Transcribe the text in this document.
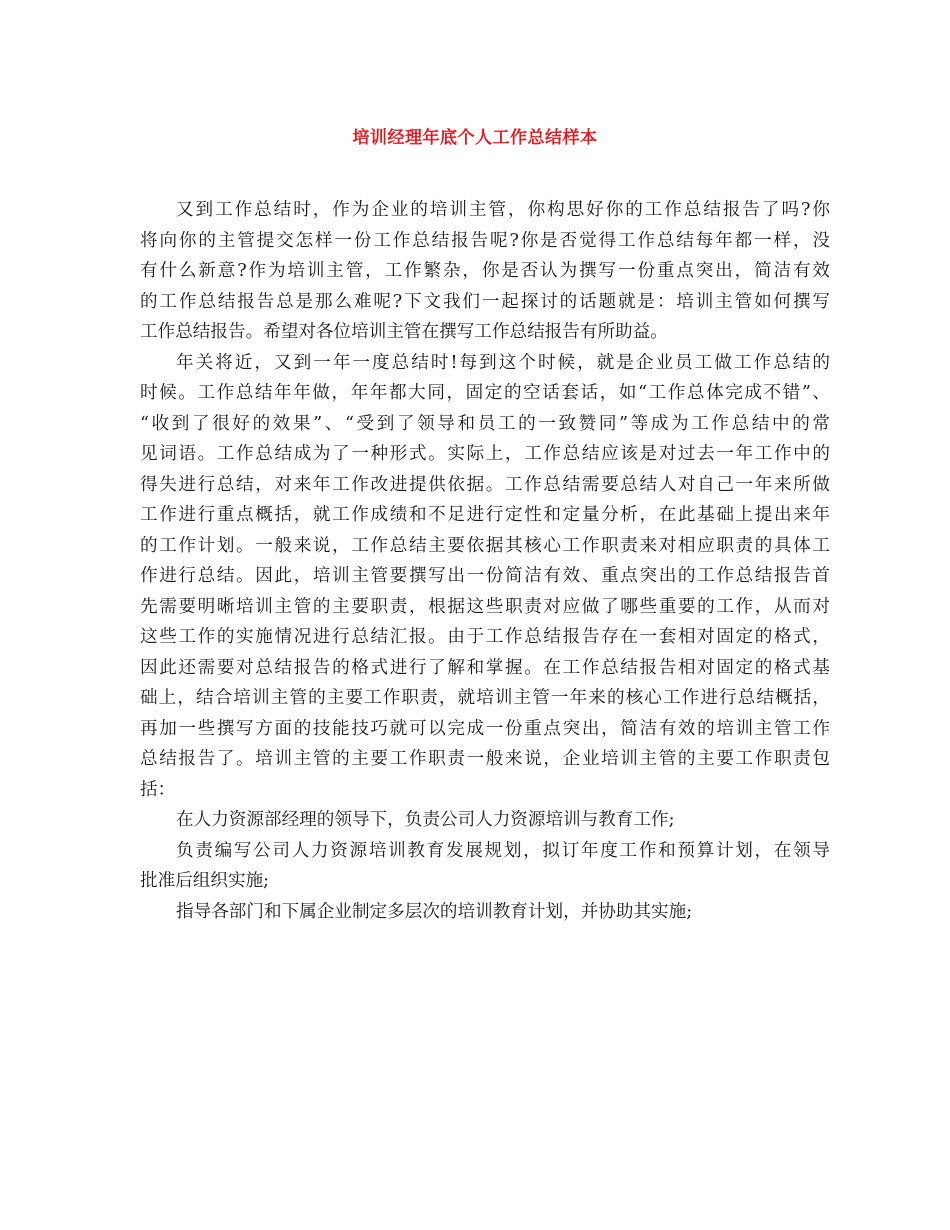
培训经理年底个人工作总结样本
又到工作总结时，作为企业的培训主管，你构思好你的工作总结报告了吗?你
将向你的主管提交怎样一份工作总结报告呢?你是否觉得工作总结每年都一样，没
有什么新意?作为培训主管，工作繁杂，你是否认为撰写一份重点突出，简洁有效
的工作总结报告总是那么难呢?下文我们一起探讨的话题就是：培训主管如何撰写
工作总结报告。希望对各位培训主管在撰写工作总结报告有所助益。
年关将近，又到一年一度总结时!每到这个时候，就是企业员工做工作总结的
时候。工作总结年年做，年年都大同，固定的空话套话，如“工作总体完成不错”、
“收到了很好的效果”、“受到了领导和员工的一致赞同”等成为工作总结中的常
见词语。工作总结成为了一种形式。实际上，工作总结应该是对过去一年工作中的
得失进行总结，对来年工作改进提供依据。工作总结需要总结人对自己一年来所做
工作进行重点概括，就工作成绩和不足进行定性和定量分析，在此基础上提出来年
的工作计划。一般来说，工作总结主要依据其核心工作职责来对相应职责的具体工
作进行总结。因此，培训主管要撰写出一份简洁有效、重点突出的工作总结报告首
先需要明晰培训主管的主要职责，根据这些职责对应做了哪些重要的工作，从而对
这些工作的实施情况进行总结汇报。由于工作总结报告存在一套相对固定的格式，
因此还需要对总结报告的格式进行了解和掌握。在工作总结报告相对固定的格式基
础上，结合培训主管的主要工作职责，就培训主管一年来的核心工作进行总结概括，
再加一些撰写方面的技能技巧就可以完成一份重点突出，简洁有效的培训主管工作
总结报告了。培训主管的主要工作职责一般来说，企业培训主管的主要工作职责包
括：
在人力资源部经理的领导下，负责公司人力资源培训与教育工作;
负责编写公司人力资源培训教育发展规划，拟订年度工作和预算计划，在领导
批准后组织实施;
指导各部门和下属企业制定多层次的培训教育计划，并协助其实施;
